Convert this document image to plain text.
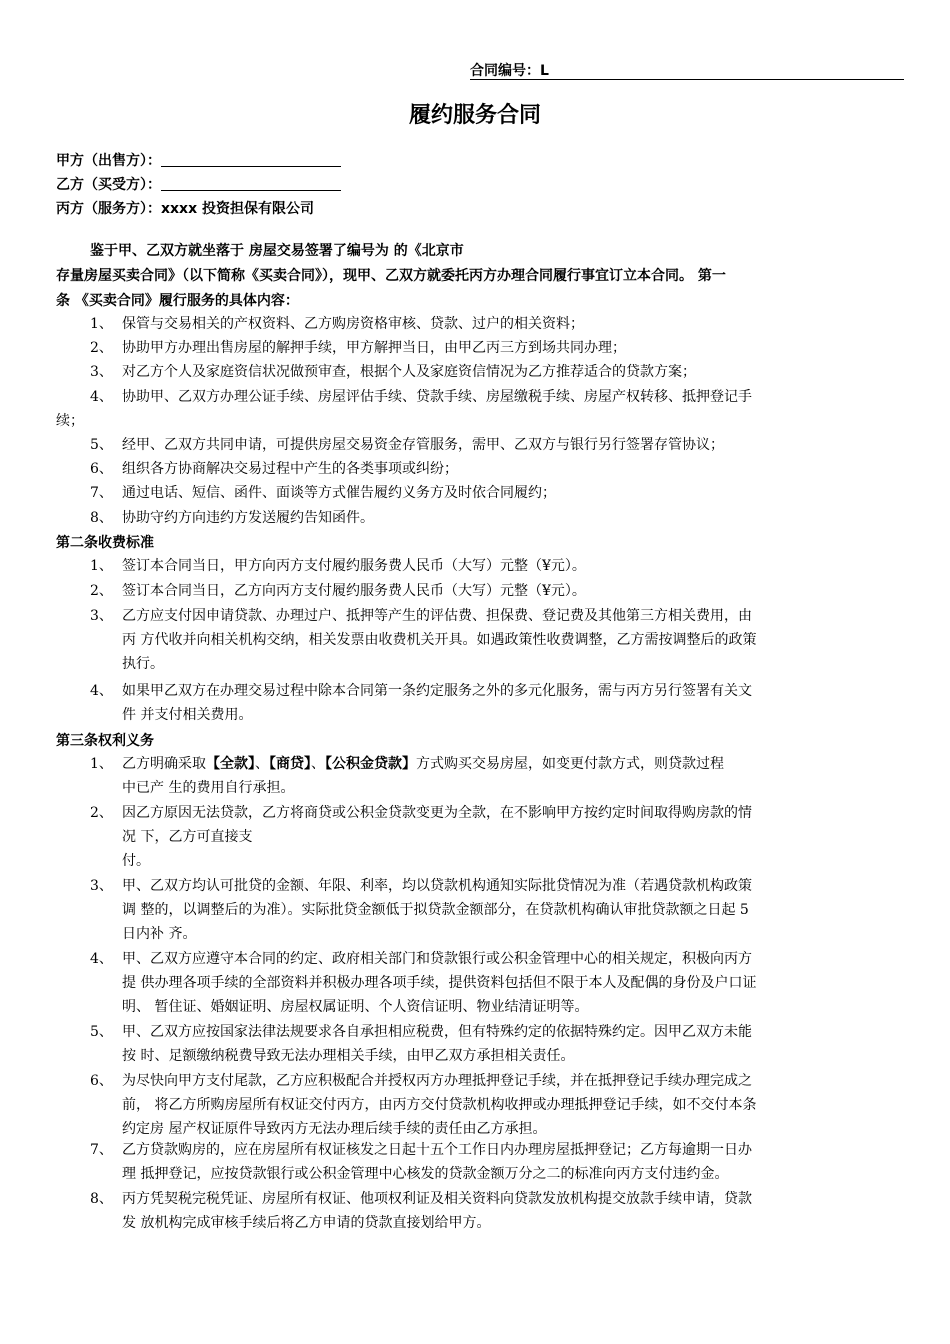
合同编号：L
履约服务合同
甲方（出售方）：
乙方（买受方）：
丙方（服务方）：xxxx 投资担保有限公司
鉴于甲、乙双方就坐落于 房屋交易签署了编号为 的《北京市
存量房屋买卖合同》（以下简称《买卖合同》），现甲、乙双方就委托丙方办理合同履行事宜订立本合同。 第一
条 《买卖合同》履行服务的具体内容：
第二条收费标准
第三条权利义务
1、 保管与交易相关的产权资料、乙方购房资格审核、贷款、过户的相关资料；
2、 协助甲方办理出售房屋的解押手续，甲方解押当日，由甲乙丙三方到场共同办理；
3、 对乙方个人及家庭资信状况做预审查，根据个人及家庭资信情况为乙方推荐适合的贷款方案；
4、 协助甲、乙双方办理公证手续、房屋评估手续、贷款手续、房屋缴税手续、房屋产权转移、抵押登记手
续；
5、 经甲、乙双方共同申请，可提供房屋交易资金存管服务，需甲、乙双方与银行另行签署存管协议；
6、 组织各方协商解决交易过程中产生的各类事项或纠纷；
7、 通过电话、短信、函件、面谈等方式催告履约义务方及时依合同履约；
8、 协助守约方向违约方发送履约告知函件。
1、 签订本合同当日，甲方向丙方支付履约服务费人民币（大写）元整（¥元）。
2、 签订本合同当日，乙方向丙方支付履约服务费人民币（大写）元整（¥元）。
3、 乙方应支付因申请贷款、办理过户、抵押等产生的评估费、担保费、登记费及其他第三方相关费用，由
丙 方代收并向相关机构交纳，相关发票由收费机关开具。如遇政策性收费调整，乙方需按调整后的政策
执行。
4、 如果甲乙双方在办理交易过程中除本合同第一条约定服务之外的多元化服务，需与丙方另行签署有关文
件 并支付相关费用。
1、 乙方明确采取【全款】、【商贷】、【公积金贷款】方式购买交易房屋，如变更付款方式，则贷款过程
中已产 生的费用自行承担。
2、 因乙方原因无法贷款，乙方将商贷或公积金贷款变更为全款，在不影响甲方按约定时间取得购房款的情
况 下，乙方可直接支
付。
3、 甲、乙双方均认可批贷的金额、年限、利率，均以贷款机构通知实际批贷情况为准（若遇贷款机构政策
调 整的，以调整后的为准）。实际批贷金额低于拟贷款金额部分，在贷款机构确认审批贷款额之日起 5
日内补 齐。
4、 甲、乙双方应遵守本合同的约定、政府相关部门和贷款银行或公积金管理中心的相关规定，积极向丙方
提 供办理各项手续的全部资料并积极办理各项手续，提供资料包括但不限于本人及配偶的身份及户口证
明、 暂住证、婚姻证明、房屋权属证明、个人资信证明、物业结清证明等。
5、 甲、乙双方应按国家法律法规要求各自承担相应税费，但有特殊约定的依据特殊约定。因甲乙双方未能
按 时、足额缴纳税费导致无法办理相关手续，由甲乙双方承担相关责任。
6、 为尽快向甲方支付尾款，乙方应积极配合并授权丙方办理抵押登记手续，并在抵押登记手续办理完成之
前， 将乙方所购房屋所有权证交付丙方，由丙方交付贷款机构收押或办理抵押登记手续，如不交付本条
约定房 屋产权证原件导致丙方无法办理后续手续的责任由乙方承担。
7、 乙方贷款购房的，应在房屋所有权证核发之日起十五个工作日内办理房屋抵押登记；乙方每逾期一日办
理 抵押登记，应按贷款银行或公积金管理中心核发的贷款金额万分之二的标准向丙方支付违约金。
8、 丙方凭契税完税凭证、房屋所有权证、他项权利证及相关资料向贷款发放机构提交放款手续申请，贷款
发 放机构完成审核手续后将乙方申请的贷款直接划给甲方。
